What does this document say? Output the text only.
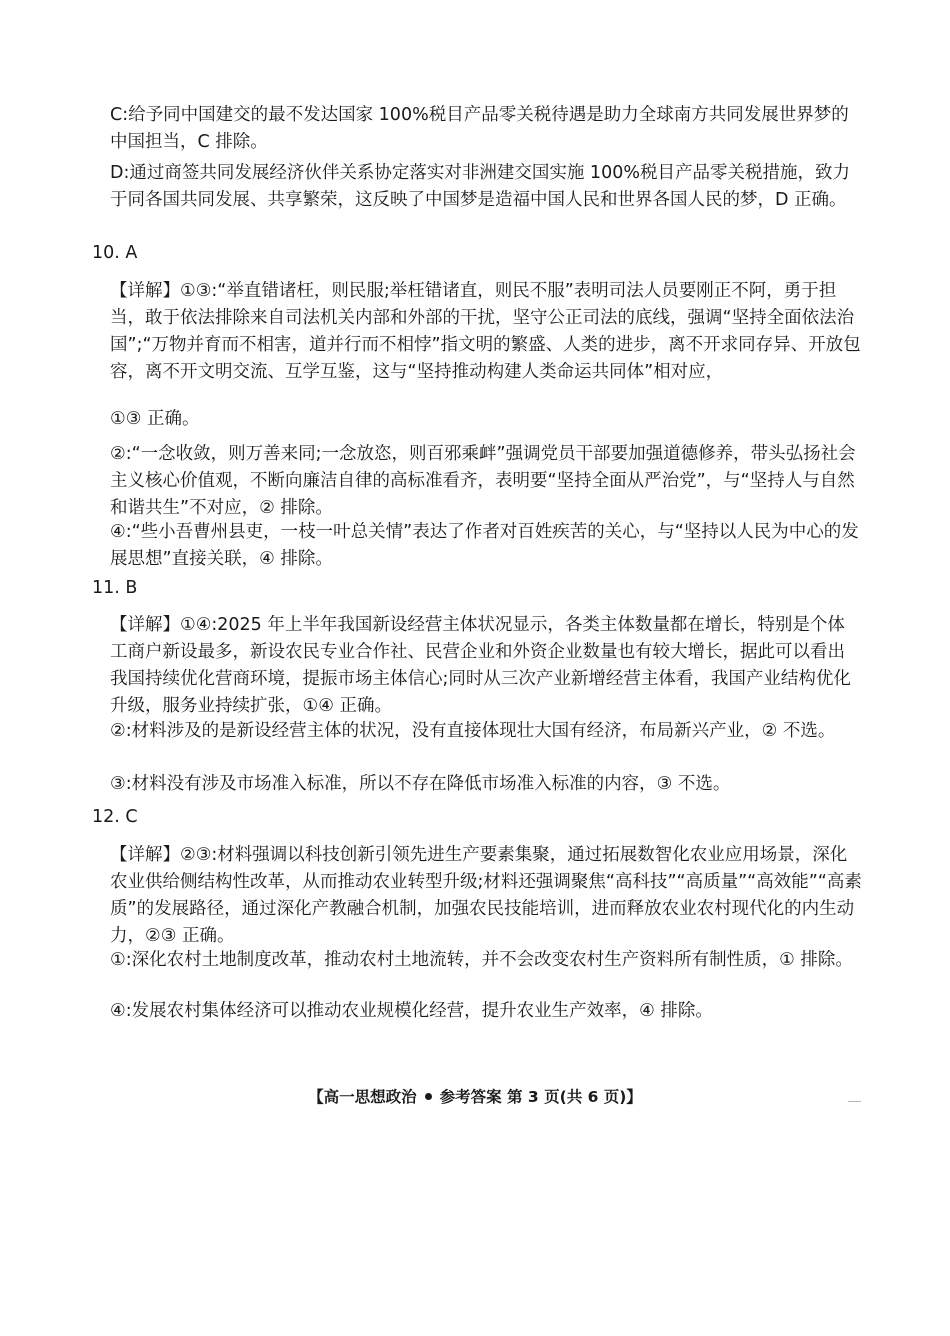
C:给予同中国建交的最不发达国家 100%税目产品零关税待遇是助力全球南方共同发展世界梦的中国担当，C 排除。

D:通过商签共同发展经济伙伴关系协定落实对非洲建交国实施 100%税目产品零关税措施，致力于同各国共同发展、共享繁荣，这反映了中国梦是造福中国人民和世界各国人民的梦，D 正确。

10. A

【详解】①③:“举直错诸枉，则民服;举枉错诸直，则民不服”表明司法人员要刚正不阿，勇于担当，敢于依法排除来自司法机关内部和外部的干扰，坚守公正司法的底线，强调“坚持全面依法治国”;“万物并育而不相害，道并行而不相悖”指文明的繁盛、人类的进步，离不开求同存异、开放包容，离不开文明交流、互学互鉴，这与“坚持推动构建人类命运共同体”相对应，

①③ 正确。

②:“一念收敛，则万善来同;一念放恣，则百邪乘衅”强调党员干部要加强道德修养，带头弘扬社会主义核心价值观，不断向廉洁自律的高标准看齐，表明要“坚持全面从严治党”，与“坚持人与自然和谐共生”不对应，② 排除。

④:“些小吾曹州县吏，一枝一叶总关情”表达了作者对百姓疾苦的关心，与“坚持以人民为中心的发展思想”直接关联，④ 排除。

11. B

【详解】①④:2025 年上半年我国新设经营主体状况显示，各类主体数量都在增长，特别是个体工商户新设最多，新设农民专业合作社、民营企业和外资企业数量也有较大增长，据此可以看出我国持续优化营商环境，提振市场主体信心;同时从三次产业新增经营主体看，我国产业结构优化升级，服务业持续扩张，①④ 正确。

②:材料涉及的是新设经营主体的状况，没有直接体现壮大国有经济，布局新兴产业，② 不选。

③:材料没有涉及市场准入标准，所以不存在降低市场准入标准的内容，③ 不选。

12. C

【详解】②③:材料强调以科技创新引领先进生产要素集聚，通过拓展数智化农业应用场景，深化农业供给侧结构性改革，从而推动农业转型升级;材料还强调聚焦“高科技”“高质量”“高效能”“高素质”的发展路径，通过深化产教融合机制，加强农民技能培训，进而释放农业农村现代化的内生动力，②③ 正确。

①:深化农村土地制度改革，推动农村土地流转，并不会改变农村生产资料所有制性质，① 排除。

④:发展农村集体经济可以推动农业规模化经营，提升农业生产效率，④ 排除。

【高一思想政治 参考答案 第 3 页(共 6 页)】
